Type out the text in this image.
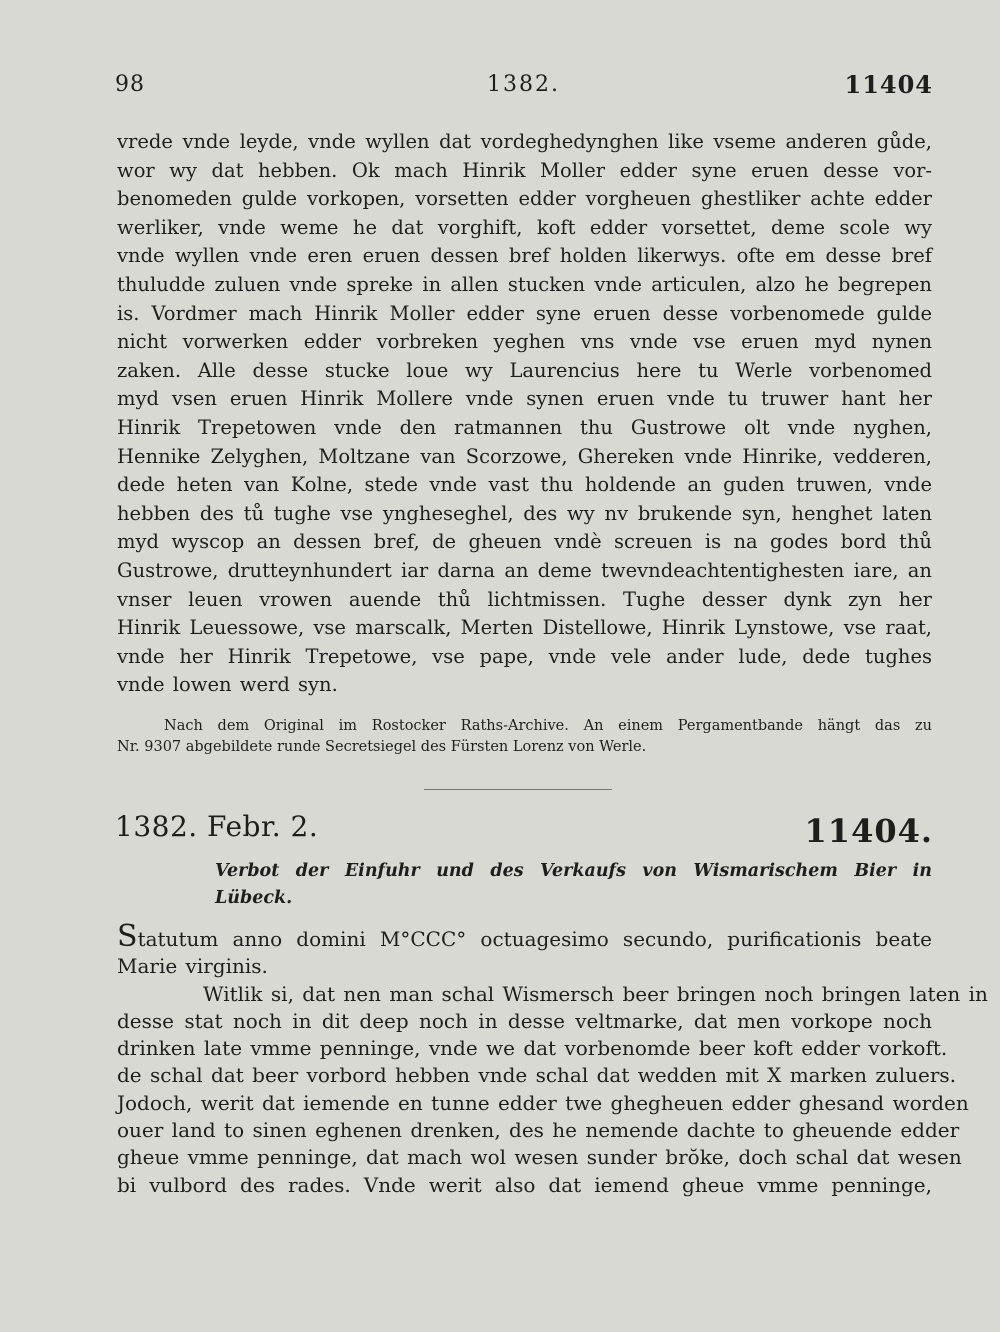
98	1382.	11404
vrede vnde leyde, vnde wyllen dat vordeghedynghen like vseme anderen gůde,
wor wy dat hebben. Ok mach Hinrik Moller edder syne eruen desse vor-
benomeden gulde vorkopen, vorsetten edder vorgheuen ghestliker achte edder
werliker, vnde weme he dat vorghift, koft edder vorsettet, deme scole wy
vnde wyllen vnde eren eruen dessen bref holden likerwys. ofte em desse bref
thuludde zuluen vnde spreke in allen stucken vnde articulen, alzo he begrepen
is. Vordmer mach Hinrik Moller edder syne eruen desse vorbenomede gulde
nicht vorwerken edder vorbreken yeghen vns vnde vse eruen myd nynen
zaken. Alle desse stucke loue wy Laurencius here tu Werle vorbenomed
myd vsen eruen Hinrik Mollere vnde synen eruen vnde tu truwer hant her
Hinrik Trepetowen vnde den ratmannen thu Gustrowe olt vnde nyghen,
Hennike Zelyghen, Moltzane van Scorzowe, Ghereken vnde Hinrike, vedderen,
dede heten van Kolne, stede vnde vast thu holdende an guden truwen, vnde
hebben des tů tughe vse yngheseghel, des wy nv brukende syn, henghet laten
myd wyscop an dessen bref, de gheuen vndè screuen is na godes bord thů
Gustrowe, drutteynhundert iar darna an deme twevndeachtentighesten iare, an
vnser leuen vrowen auende thů lichtmissen. Tughe desser dynk zyn her
Hinrik Leuessowe, vse marscalk, Merten Distellowe, Hinrik Lynstowe, vse raat,
vnde her Hinrik Trepetowe, vse pape, vnde vele ander lude, dede tughes
vnde lowen werd syn.
Nach dem Original im Rostocker Raths-Archive. An einem Pergamentbande hängt das zu
Nr. 9307 abgebildete runde Secretsiegel des Fürsten Lorenz von Werle.
1382. Febr. 2.	11404.
Verbot der Einfuhr und des Verkaufs von Wismarischem Bier in
Lübeck.
Statutum anno domini M°CCC° octuagesimo secundo, purificationis beate
Marie virginis.
Witlik si, dat nen man schal Wismersch beer bringen noch bringen laten in
desse stat noch in dit deep noch in desse veltmarke, dat men vorkope noch
drinken late vmme penninge, vnde we dat vorbenomde beer koft edder vorkoft.
de schal dat beer vorbord hebben vnde schal dat wedden mit X marken zuluers.
Jodoch, werit dat iemende en tunne edder twe ghegheuen edder ghesand worden
ouer land to sinen eghenen drenken, des he nemende dachte to gheuende edder
gheue vmme penninge, dat mach wol wesen sunder brŏke, doch schal dat wesen
bi vulbord des rades. Vnde werit also dat iemend gheue vmme penninge,
